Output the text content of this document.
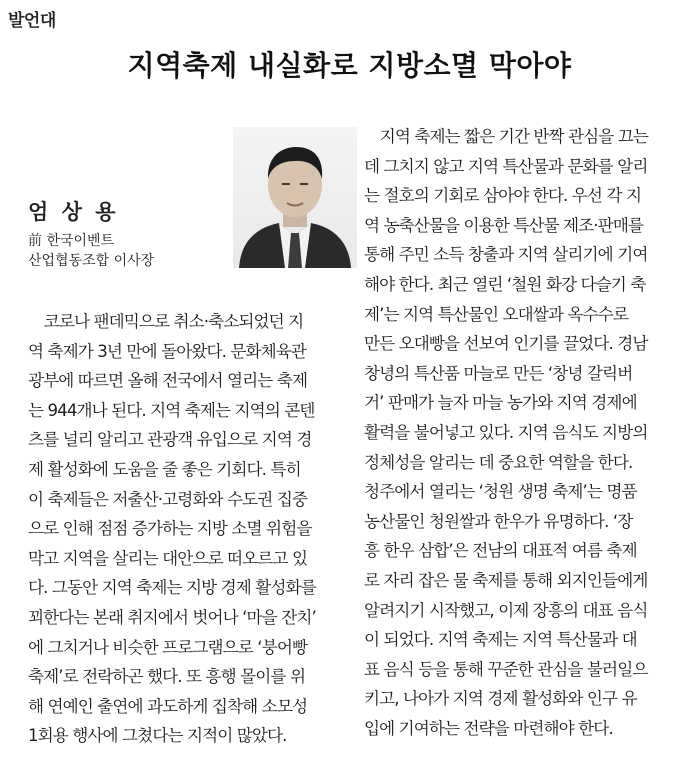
발언대
지역축제 내실화로 지방소멸 막아야
엄 상 용
前 한국이벤트
산업협동조합 이사장
　코로나 팬데믹으로 취소·축소되었던 지
역 축제가 3년 만에 돌아왔다. 문화체육관
광부에 따르면 올해 전국에서 열리는 축제
는 944개나 된다. 지역 축제는 지역의 콘텐
츠를 널리 알리고 관광객 유입으로 지역 경
제 활성화에 도움을 줄 좋은 기회다. 특히
이 축제들은 저출산·고령화와 수도권 집중
으로 인해 점점 증가하는 지방 소멸 위험을
막고 지역을 살리는 대안으로 떠오르고 있
다. 그동안 지역 축제는 지방 경제 활성화를
꾀한다는 본래 취지에서 벗어나 ‘마을 잔치’
에 그치거나 비슷한 프로그램으로 ‘붕어빵
축제’로 전락하곤 했다. 또 흥행 몰이를 위
해 연예인 출연에 과도하게 집착해 소모성
1회용 행사에 그쳤다는 지적이 많았다.
　지역 축제는 짧은 기간 반짝 관심을 끄는
데 그치지 않고 지역 특산물과 문화를 알리
는 절호의 기회로 삼아야 한다. 우선 각 지
역 농축산물을 이용한 특산물 제조·판매를
통해 주민 소득 창출과 지역 살리기에 기여
해야 한다. 최근 열린 ‘철원 화강 다슬기 축
제’는 지역 특산물인 오대쌀과 옥수수로
만든 오대빵을 선보여 인기를 끌었다. 경남
창녕의 특산품 마늘로 만든 ‘창녕 갈릭버
거’ 판매가 늘자 마늘 농가와 지역 경제에
활력을 불어넣고 있다. 지역 음식도 지방의
정체성을 알리는 데 중요한 역할을 한다.
청주에서 열리는 ‘청원 생명 축제’는 명품
농산물인 청원쌀과 한우가 유명하다. ‘장
흥 한우 삼합’은 전남의 대표적 여름 축제
로 자리 잡은 물 축제를 통해 외지인들에게
알려지기 시작했고, 이제 장흥의 대표 음식
이 되었다. 지역 축제는 지역 특산물과 대
표 음식 등을 통해 꾸준한 관심을 불러일으
키고, 나아가 지역 경제 활성화와 인구 유
입에 기여하는 전략을 마련해야 한다.
